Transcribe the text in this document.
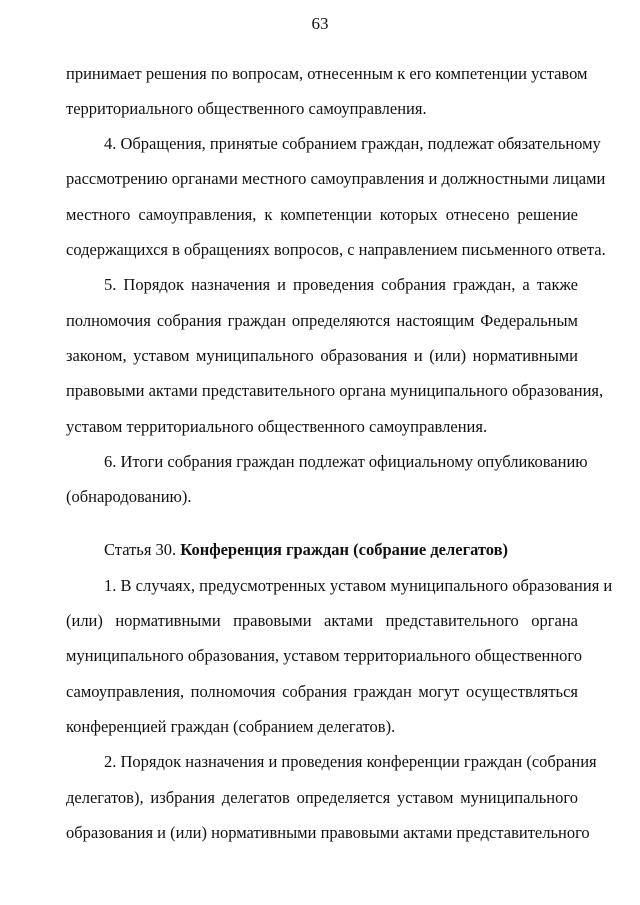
63
принимает решения по вопросам, отнесенным к его компетенции уставом
территориального общественного самоуправления.
4. Обращения, принятые собранием граждан, подлежат обязательному
рассмотрению органами местного самоуправления и должностными лицами
местного самоуправления, к компетенции которых отнесено решение
содержащихся в обращениях вопросов, с направлением письменного ответа.
5. Порядок назначения и проведения собрания граждан, а также
полномочия собрания граждан определяются настоящим Федеральным
законом, уставом муниципального образования и (или) нормативными
правовыми актами представительного органа муниципального образования,
уставом территориального общественного самоуправления.
6. Итоги собрания граждан подлежат официальному опубликованию
(обнародованию).
Статья 30. Конференция граждан (собрание делегатов)
1. В случаях, предусмотренных уставом муниципального образования и
(или) нормативными правовыми актами представительного органа
муниципального образования, уставом территориального общественного
самоуправления, полномочия собрания граждан могут осуществляться
конференцией граждан (собранием делегатов).
2. Порядок назначения и проведения конференции граждан (собрания
делегатов), избрания делегатов определяется уставом муниципального
образования и (или) нормативными правовыми актами представительного
